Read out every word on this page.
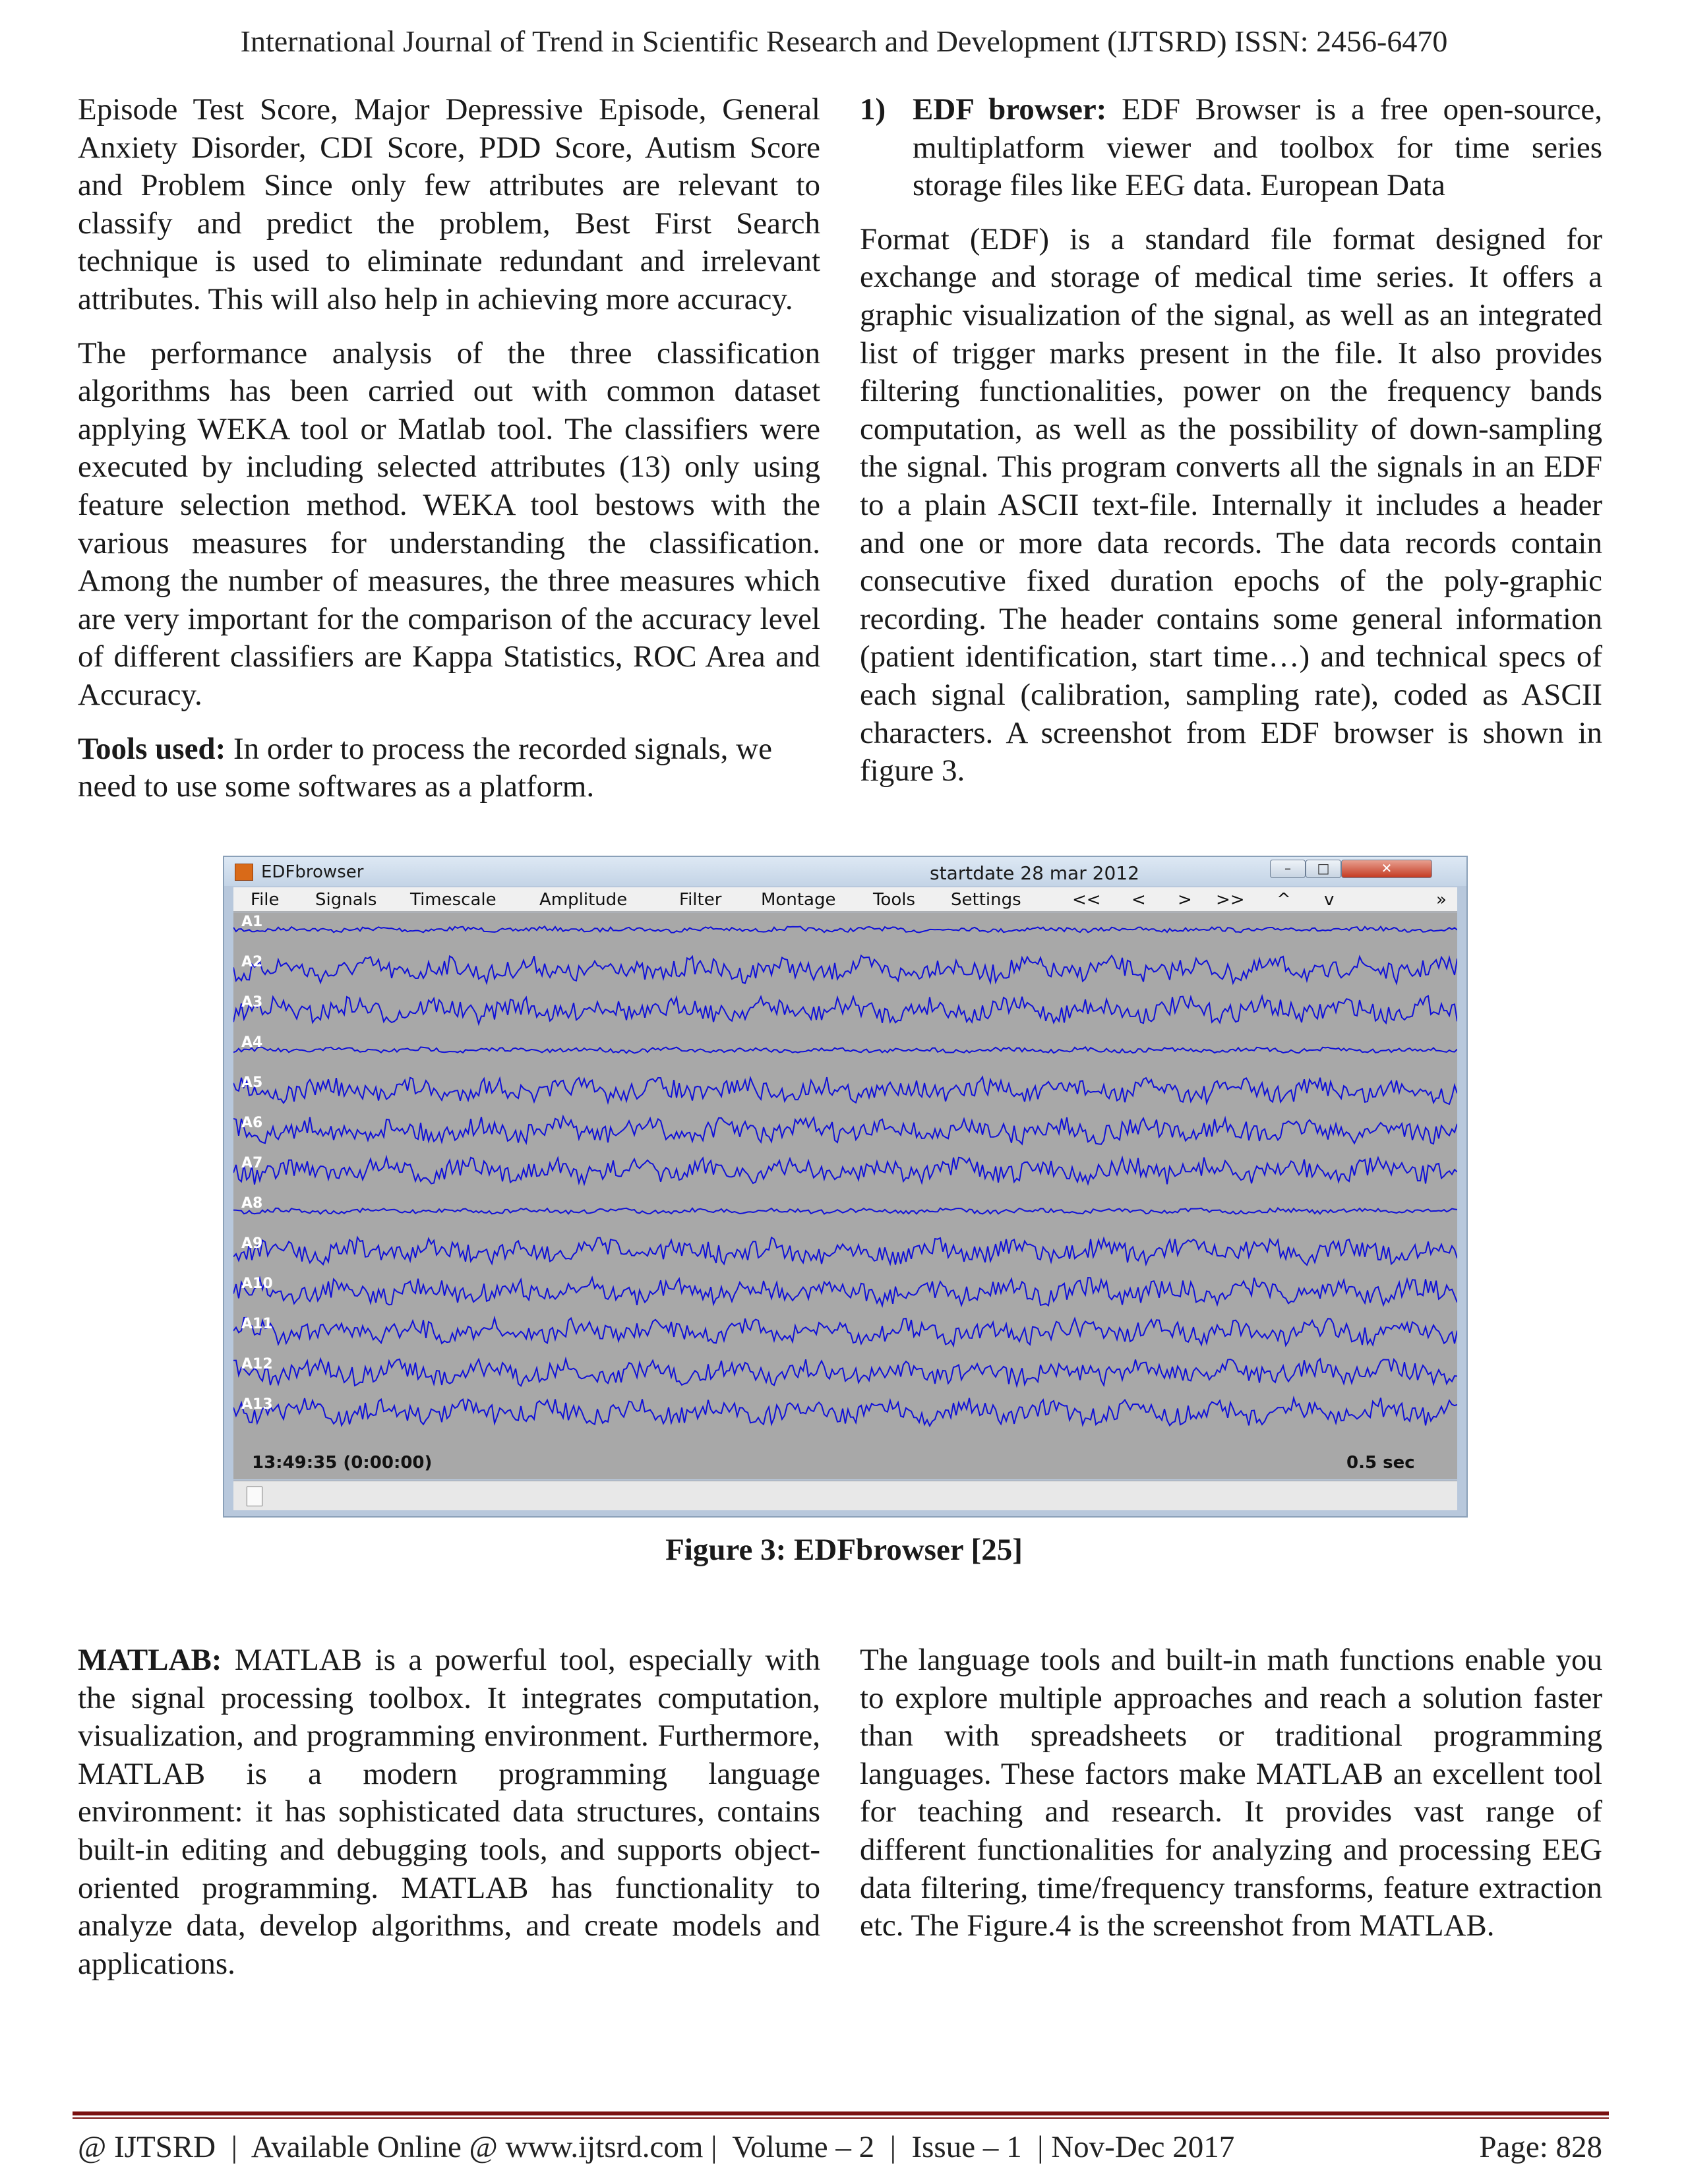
International Journal of Trend in Scientific Research and Development (IJTSRD) ISSN: 2456-6470

Episode Test Score, Major Depressive Episode, General Anxiety Disorder, CDI Score, PDD Score, Autism Score and Problem Since only few attributes are relevant to classify and predict the problem, Best First Search technique is used to eliminate redundant and irrelevant attributes. This will also help in achieving more accuracy.

The performance analysis of the three classification algorithms has been carried out with common dataset applying WEKA tool or Matlab tool. The classifiers were executed by including selected attributes (13) only using feature selection method. WEKA tool bestows with the various measures for understanding the classification. Among the number of measures, the three measures which are very important for the comparison of the accuracy level of different classifiers are Kappa Statistics, ROC Area and Accuracy.

Tools used: In order to process the recorded signals, we need to use some softwares as a platform.

1) EDF browser: EDF Browser is a free open-source, multiplatform viewer and toolbox for time series storage files like EEG data. European Data

Format (EDF) is a standard file format designed for exchange and storage of medical time series. It offers a graphic visualization of the signal, as well as an integrated list of trigger marks present in the file. It also provides filtering functionalities, power on the frequency bands computation, as well as the possibility of down-sampling the signal. This program converts all the signals in an EDF to a plain ASCII text-file. Internally it includes a header and one or more data records. The data records contain consecutive fixed duration epochs of the poly-graphic recording. The header contains some general information (patient identification, start time…) and technical specs of each signal (calibration, sampling rate), coded as ASCII characters. A screenshot from EDF browser is shown in figure 3.

EDFbrowser	startdate 28 mar 2012	–	□	✕
File Signals Timescale	Amplitude	Filter Montage Tools Settings	<< < > >> ^ v	»
A1
A2
A3
A4
A5
A6
A7
A8
A9
A10
A11
A12
A13
13:49:35 (0:00:00)	0.5 sec
Figure 3: EDFbrowser [25]

MATLAB: MATLAB is a powerful tool, especially with the signal processing toolbox. It integrates computation, visualization, and programming environment. Furthermore, MATLAB is a modern programming language environment: it has sophisticated data structures, contains built-in editing and debugging tools, and supports object-oriented programming. MATLAB has functionality to analyze data, develop algorithms, and create models and applications.

The language tools and built-in math functions enable you to explore multiple approaches and reach a solution faster than with spreadsheets or traditional programming languages. These factors make MATLAB an excellent tool for teaching and research. It provides vast range of different functionalities for analyzing and processing EEG data filtering, time/frequency transforms, feature extraction etc. The Figure.4 is the screenshot from MATLAB.

@ IJTSRD  |  Available Online @ www.ijtsrd.com |  Volume – 2  |  Issue – 1  | Nov-Dec 2017	Page: 828
